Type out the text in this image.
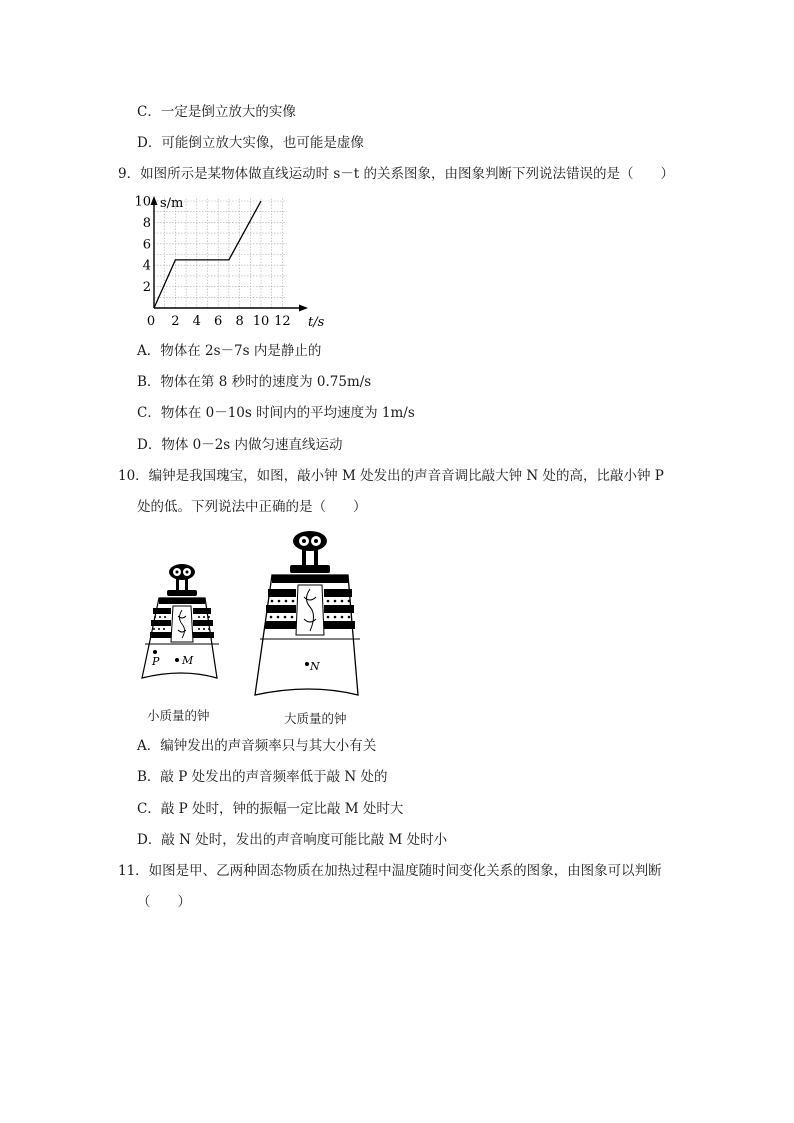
C．一定是倒立放大的实像
D．可能倒立放大实像，也可能是虚像
9．如图所示是某物体做直线运动时 s－t 的关系图象，由图象判断下列说法错误的是（　　）
s/m
t/s
0 2 4 6 8 10 12
2
4
6
8
10
A．物体在 2s－7s 内是静止的
B．物体在第 8 秒时的速度为 0.75m/s
C．物体在 0－10s 时间内的平均速度为 1m/s
D．物体 0－2s 内做匀速直线运动
10．编钟是我国瑰宝，如图，敲小钟 M 处发出的声音音调比敲大钟 N 处的高，比敲小钟 P
处的低。下列说法中正确的是（　　）
P M
小质量的钟
N
大质量的钟
A．编钟发出的声音频率只与其大小有关
B．敲 P 处发出的声音频率低于敲 N 处的
C．敲 P 处时，钟的振幅一定比敲 M 处时大
D．敲 N 处时，发出的声音响度可能比敲 M 处时小
11．如图是甲、乙两种固态物质在加热过程中温度随时间变化关系的图象，由图象可以判断
（　　）
